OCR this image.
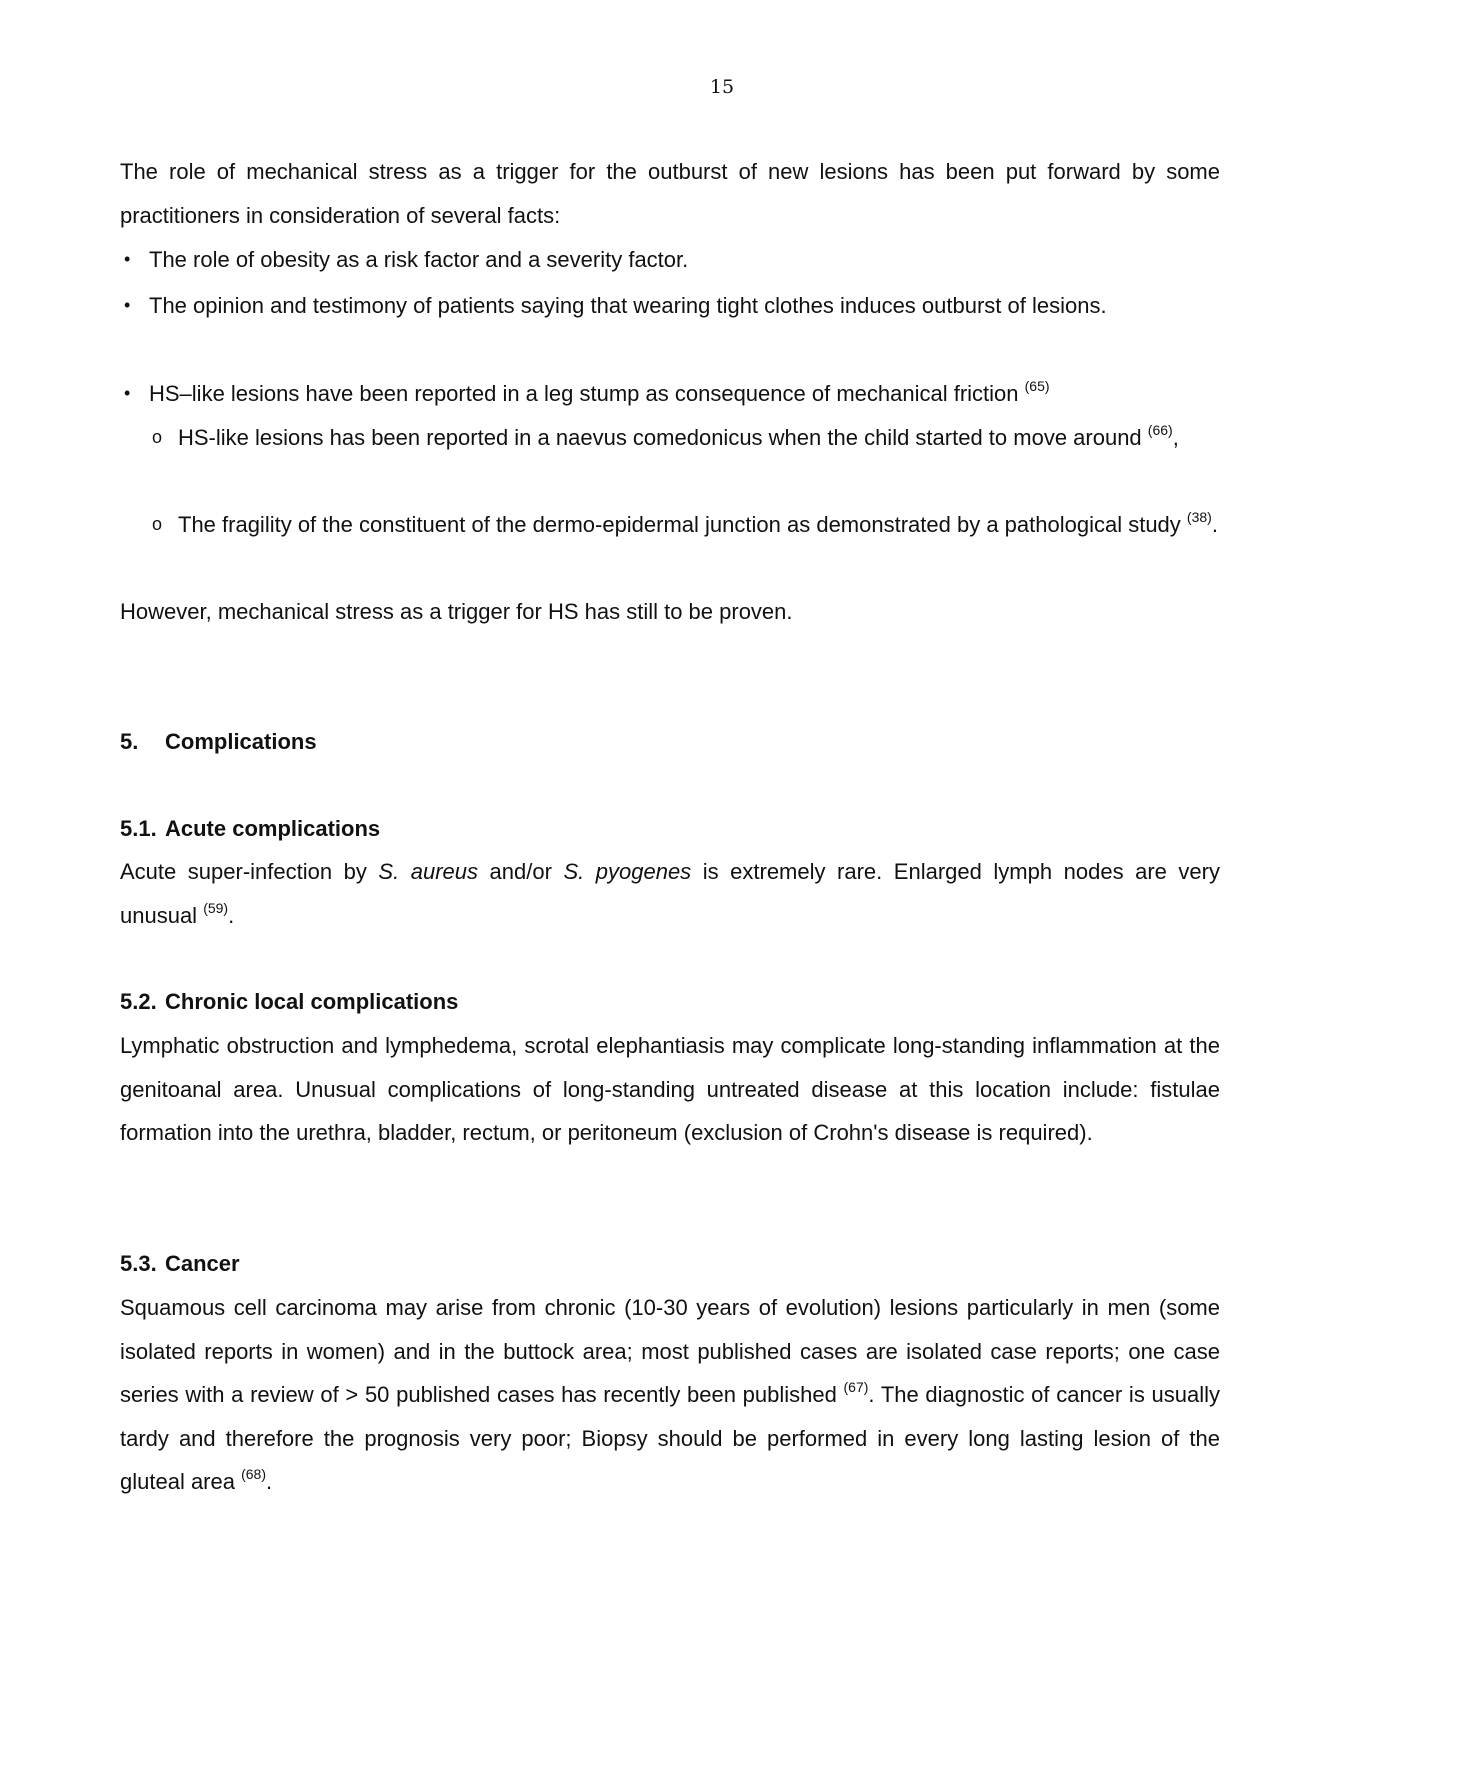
15

The role of mechanical stress as a trigger for the outburst of new lesions has been put forward by some practitioners in consideration of several facts:

• The role of obesity as a risk factor and a severity factor.
• The opinion and testimony of patients saying that wearing tight clothes induces outburst of lesions.
• HS–like lesions have been reported in a leg stump as consequence of mechanical friction $^{(65)}$
o HS-like lesions has been reported in a naevus comedonicus when the child started to move around $^{(66)}$,
o The fragility of the constituent of the dermo-epidermal junction as demonstrated by a pathological study $^{(38)}$.
However, mechanical stress as a trigger for HS has still to be proven.
5. Complications
5.1. Acute complications
Acute super-infection by S. aureus and/or S. pyogenes is extremely rare. Enlarged lymph nodes are very unusual $^{(59)}$.
5.2. Chronic local complications
Lymphatic obstruction and lymphedema, scrotal elephantiasis may complicate long-standing inflammation at the genitoanal area. Unusual complications of long-standing untreated disease at this location include: fistulae formation into the urethra, bladder, rectum, or peritoneum (exclusion of Crohn's disease is required).
5.3. Cancer
Squamous cell carcinoma may arise from chronic (10-30 years of evolution) lesions particularly in men (some isolated reports in women) and in the buttock area; most published cases are isolated case reports; one case series with a review of > 50 published cases has recently been published $^{(67)}$. The diagnostic of cancer is usually tardy and therefore the prognosis very poor; Biopsy should be performed in every long lasting lesion of the gluteal area $^{(68)}$.
